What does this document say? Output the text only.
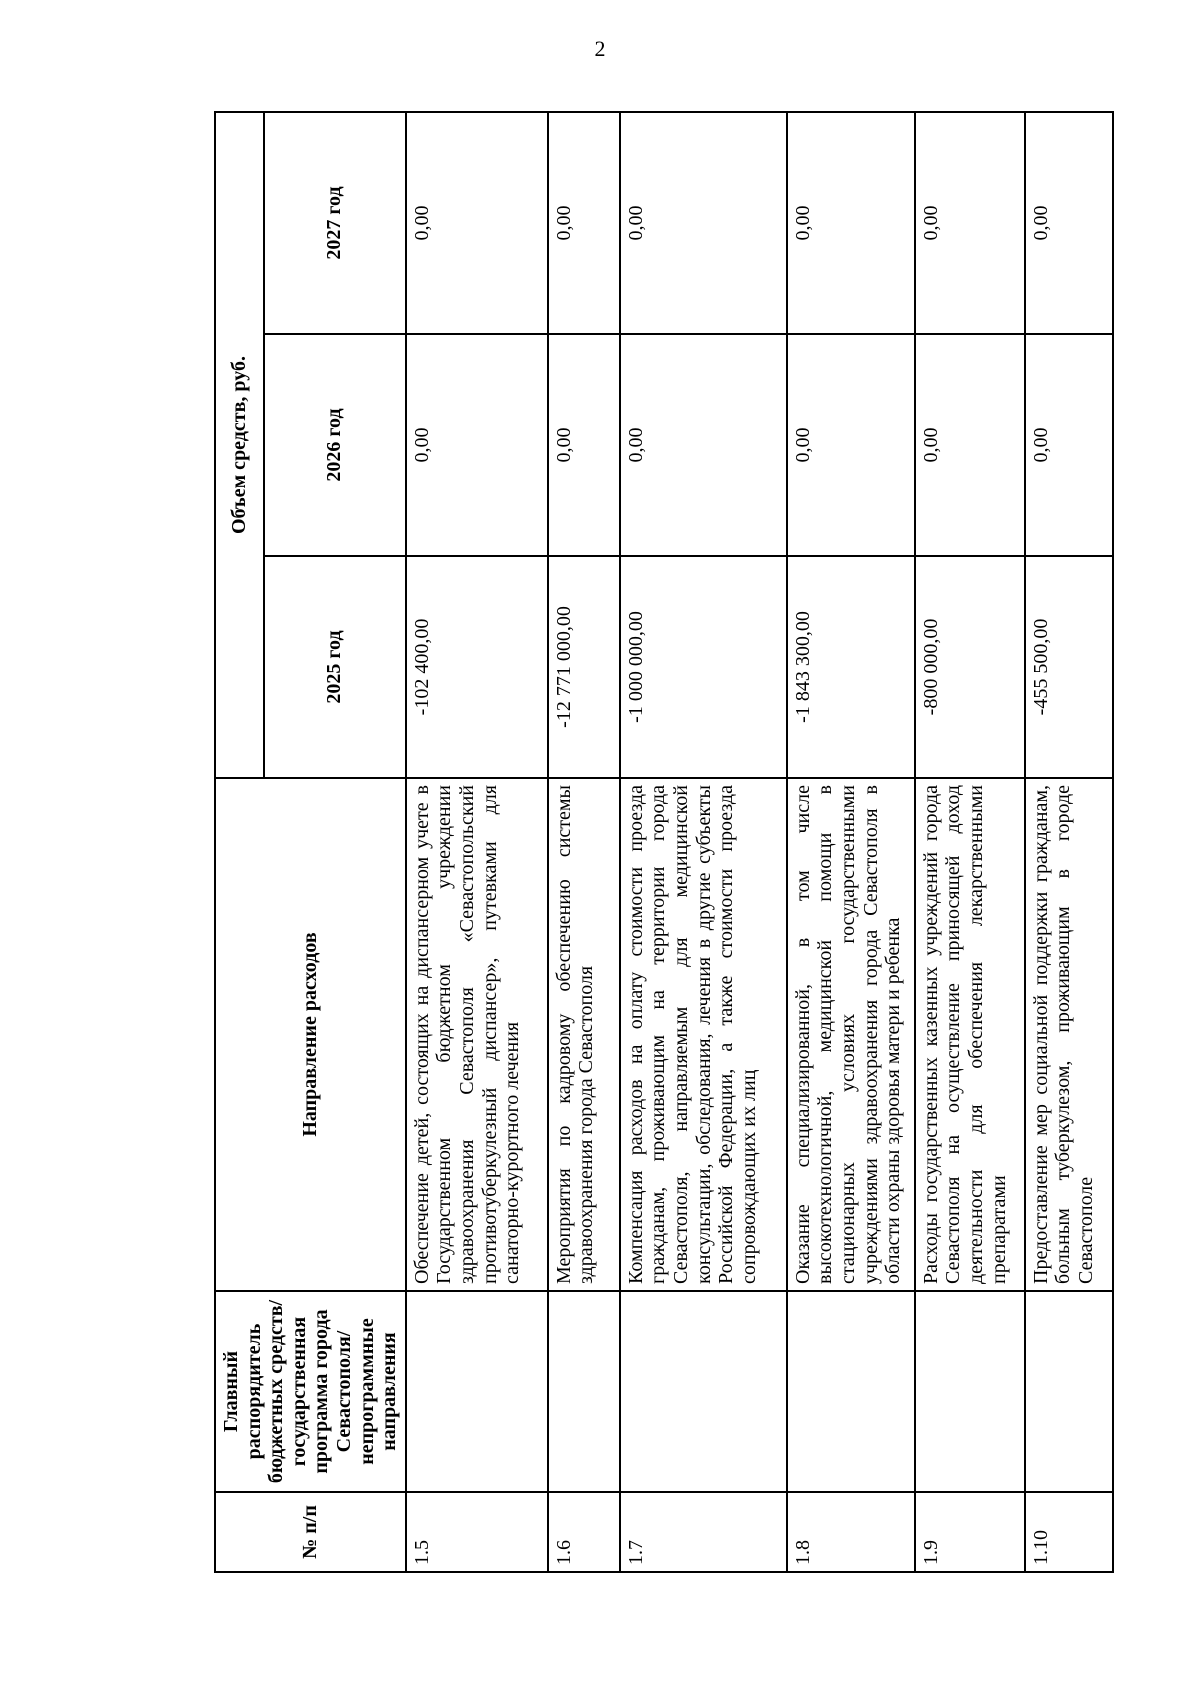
2
№ п/п	Главный распорядитель бюджетных средств/государственная программа города Севастополя/непрограммные направления	Направление расходов	Объем средств, руб.		
			2025 год	2026 год	2027 год
1.5		Обеспечение детей, состоящих на диспансерном учете в Государственном бюджетном учреждении здравоохранения Севастополя «Севастопольский противотуберкулезный диспансер», путевками для санаторно-курортного лечения	-102 400,00	0,00	0,00
1.6		Мероприятия по кадровому обеспечению системы здравоохранения города Севастополя	-12 771 000,00	0,00	0,00
1.7		Компенсация расходов на оплату стоимости проезда гражданам, проживающим на территории города Севастополя, направляемым для медицинской консультации, обследования, лечения в другие субъекты Российской Федерации, а также стоимости проезда сопровождающих их лиц	-1 000 000,00	0,00	0,00
1.8		Оказание специализированной, в том числе высокотехнологичной, медицинской помощи в стационарных условиях государственными учреждениями здравоохранения города Севастополя в области охраны здоровья матери и ребенка	-1 843 300,00	0,00	0,00
1.9		Расходы государственных казенных учреждений города Севастополя на осуществление приносящей доход деятельности для обеспечения лекарственными препаратами	-800 000,00	0,00	0,00
1.10		Предоставление мер социальной поддержки гражданам, больным туберкулезом, проживающим в городе Севастополе	-455 500,00	0,00	0,00
